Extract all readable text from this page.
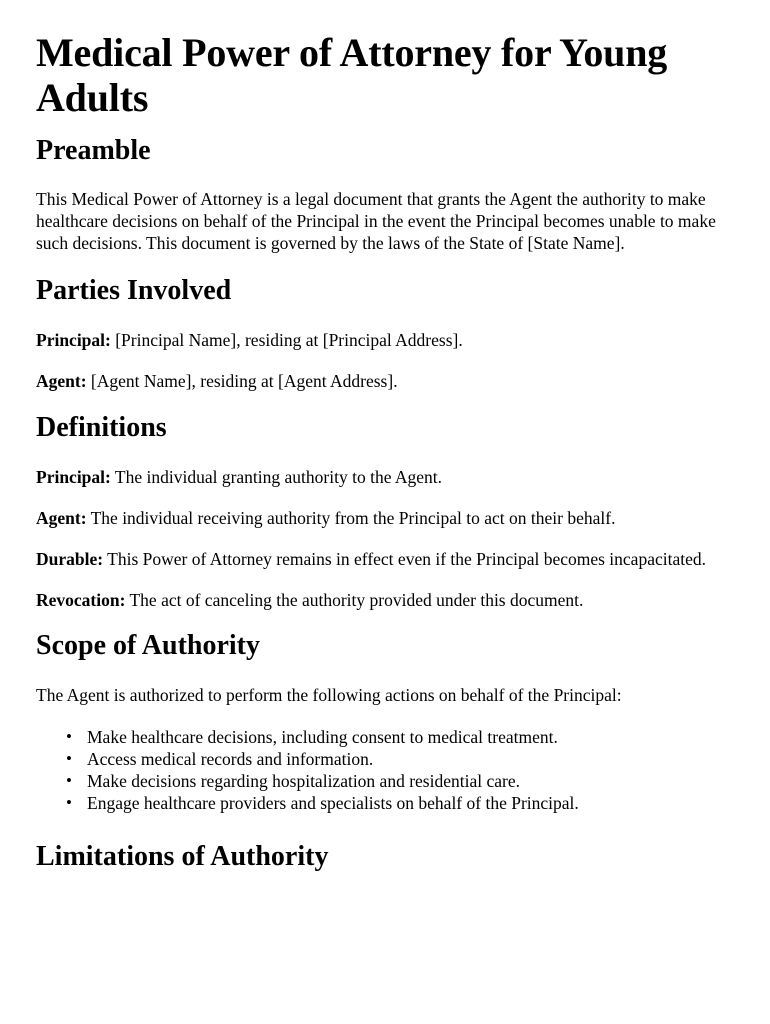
Medical Power of Attorney for Young Adults
Preamble

This Medical Power of Attorney is a legal document that grants the Agent the authority to make healthcare decisions on behalf of the Principal in the event the Principal becomes unable to make such decisions. This document is governed by the laws of the State of [State Name].

Parties Involved

Principal: [Principal Name], residing at [Principal Address].

Agent: [Agent Name], residing at [Agent Address].

Definitions

Principal: The individual granting authority to the Agent.

Agent: The individual receiving authority from the Principal to act on their behalf.

Durable: This Power of Attorney remains in effect even if the Principal becomes incapacitated.

Revocation: The act of canceling the authority provided under this document.

Scope of Authority

The Agent is authorized to perform the following actions on behalf of the Principal:

• Make healthcare decisions, including consent to medical treatment.
• Access medical records and information.
• Make decisions regarding hospitalization and residential care.
• Engage healthcare providers and specialists on behalf of the Principal.
Limitations of Authority
